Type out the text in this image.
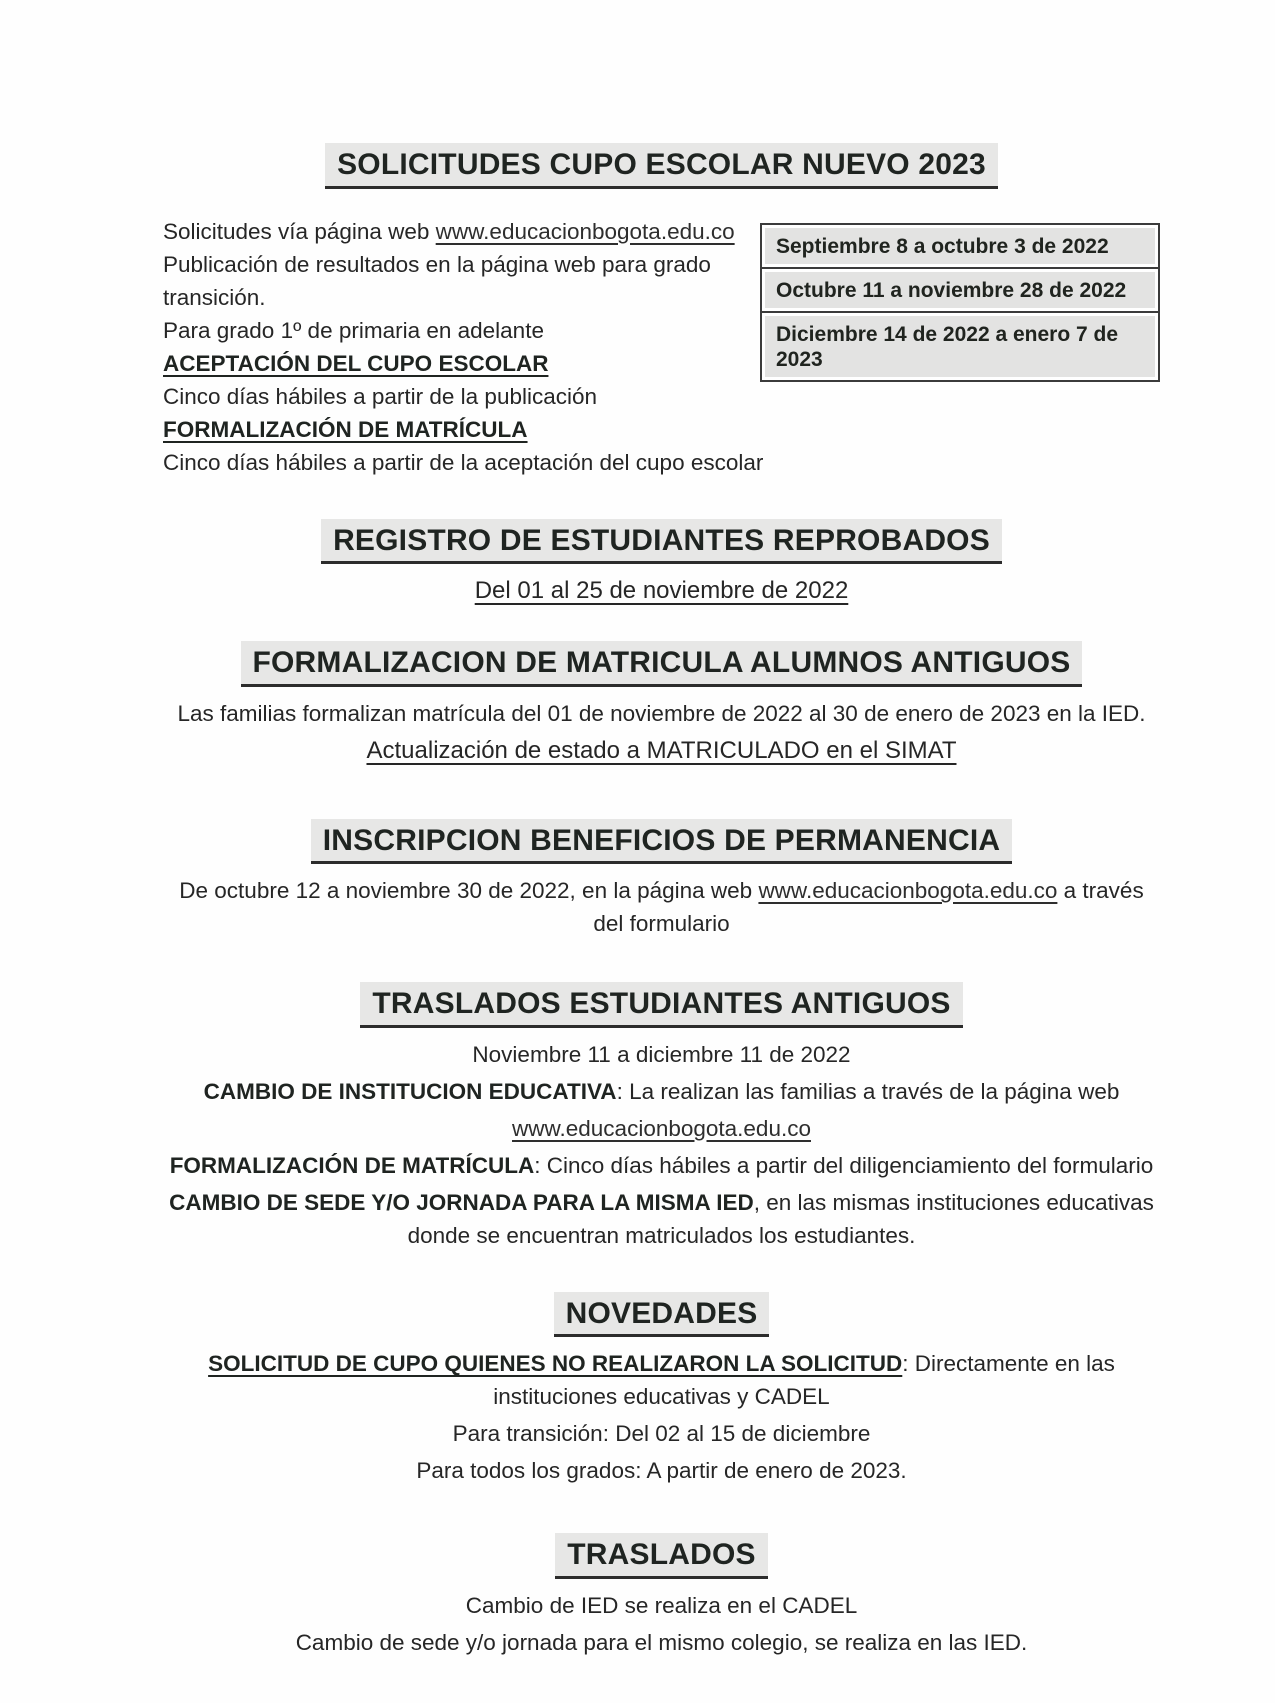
SOLICITUDES CUPO ESCOLAR NUEVO 2023
Septiembre 8 a octubre 3 de 2022
Octubre 11 a noviembre 28 de 2022
Diciembre 14 de 2022 a enero 7 de 2023

Solicitudes vía página web www.educacionbogota.edu.co

Publicación de resultados en la página web para grado transición.

Para grado 1º de primaria en adelante

ACEPTACIÓN DEL CUPO ESCOLAR

Cinco días hábiles a partir de la publicación

FORMALIZACIÓN DE MATRÍCULA

Cinco días hábiles a partir de la aceptación del cupo escolar

REGISTRO DE ESTUDIANTES REPROBADOS

Del 01 al 25 de noviembre de 2022

FORMALIZACION DE MATRICULA ALUMNOS ANTIGUOS

Las familias formalizan matrícula del 01 de noviembre de 2022 al 30 de enero de 2023 en la IED.

Actualización de estado a MATRICULADO en el SIMAT

INSCRIPCION BENEFICIOS DE PERMANENCIA

De octubre 12 a noviembre 30 de 2022, en la página web www.educacionbogota.edu.co a través del formulario

TRASLADOS ESTUDIANTES ANTIGUOS

Noviembre 11 a diciembre 11 de 2022

CAMBIO DE INSTITUCION EDUCATIVA: La realizan las familias a través de la página web

www.educacionbogota.edu.co

FORMALIZACIÓN DE MATRÍCULA: Cinco días hábiles a partir del diligenciamiento del formulario

CAMBIO DE SEDE Y/O JORNADA PARA LA MISMA IED, en las mismas instituciones educativas donde se encuentran matriculados los estudiantes.

NOVEDADES

SOLICITUD DE CUPO QUIENES NO REALIZARON LA SOLICITUD: Directamente en las instituciones educativas y CADEL

Para transición: Del 02 al 15 de diciembre

Para todos los grados: A partir de enero de 2023.

TRASLADOS

Cambio de IED se realiza en el CADEL

Cambio de sede y/o jornada para el mismo colegio, se realiza en las IED.
